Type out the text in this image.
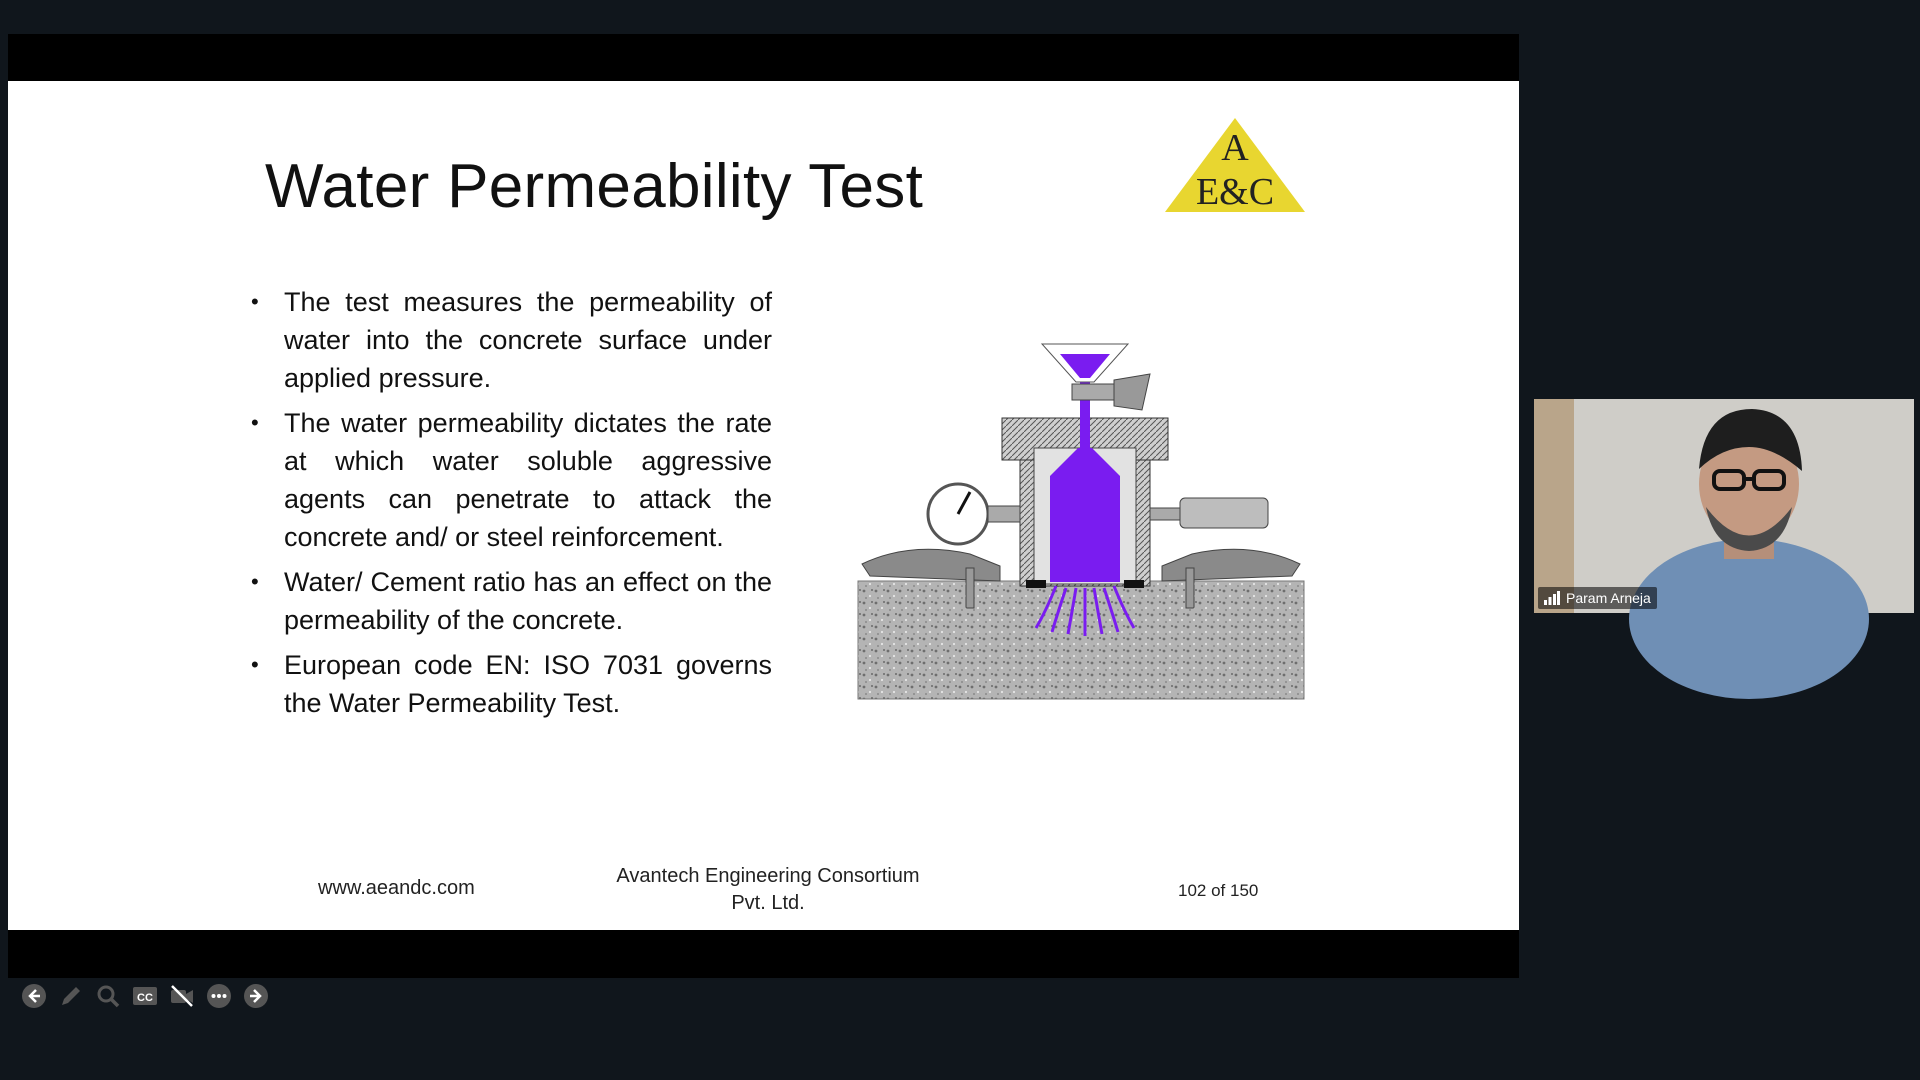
Water Permeability Test
A
E&C
• The test measures the permeability of water into the concrete surface under applied pressure.
• The water permeability dictates the rate at which water soluble aggressive agents can penetrate to attack the concrete and/ or steel reinforcement.
• Water/ Cement ratio has an effect on the permeability of the concrete.
• European code EN: ISO 7031 governs the Water Permeability Test.
www.aeandc.com
Avantech Engineering Consortium
Pvt. Ltd.
102 of 150
CC
Param Arneja
